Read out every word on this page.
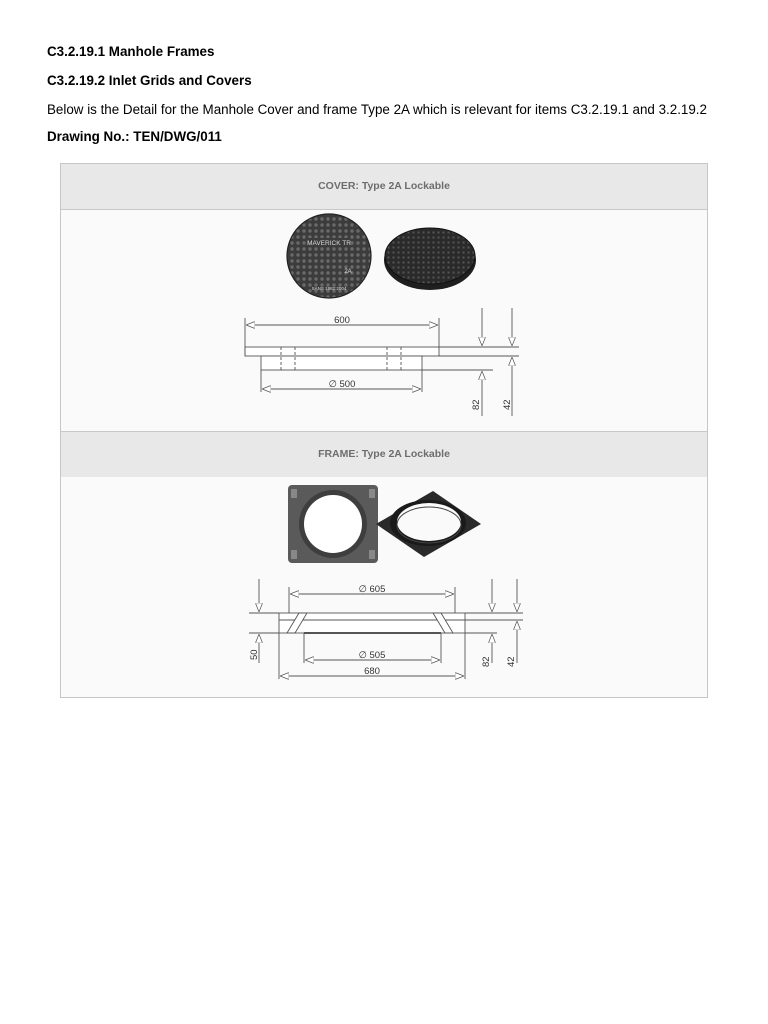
C3.2.19.1 Manhole Frames
C3.2.19.2 Inlet Grids and Covers
Below is the Detail for the Manhole Cover and frame Type 2A which is relevant for items C3.2.19.1 and 3.2.19.2
Drawing No.: TEN/DWG/011
COVER: Type 2A Lockable
MAVERICK TR
2A
SANS 1882:2004
600
∅ 500
82 42
FRAME: Type 2A Lockable
∅ 605
∅ 505
680
50
82 42
